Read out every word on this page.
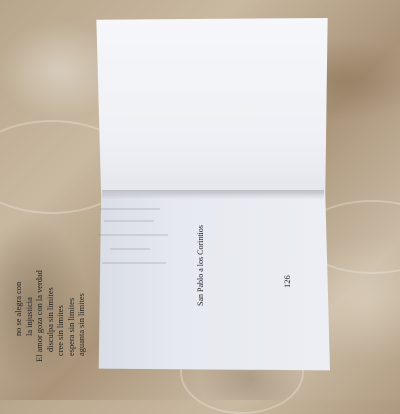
no se alegra con la injusticia El amor goza con la verdad disculpa sin limites cree sin limites espera sin limites aguanta sin limites
San Pablo a los Corintios	126
